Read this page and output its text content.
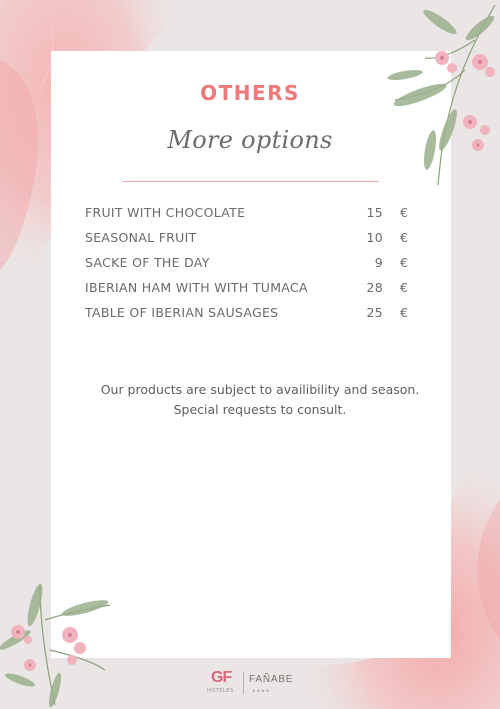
OTHERS
More options
FRUIT WITH CHOCOLATE	15 €
SEASONAL FRUIT	10 €
SACKE OF THE DAY	9 €
IBERIAN HAM WITH WITH TUMACA	28 €
TABLE OF IBERIAN SAUSAGES	25 €
Our products are subject to availibility and season.
Special requests to consult.
GF
HOTELES
FAÑABE
★★★★
